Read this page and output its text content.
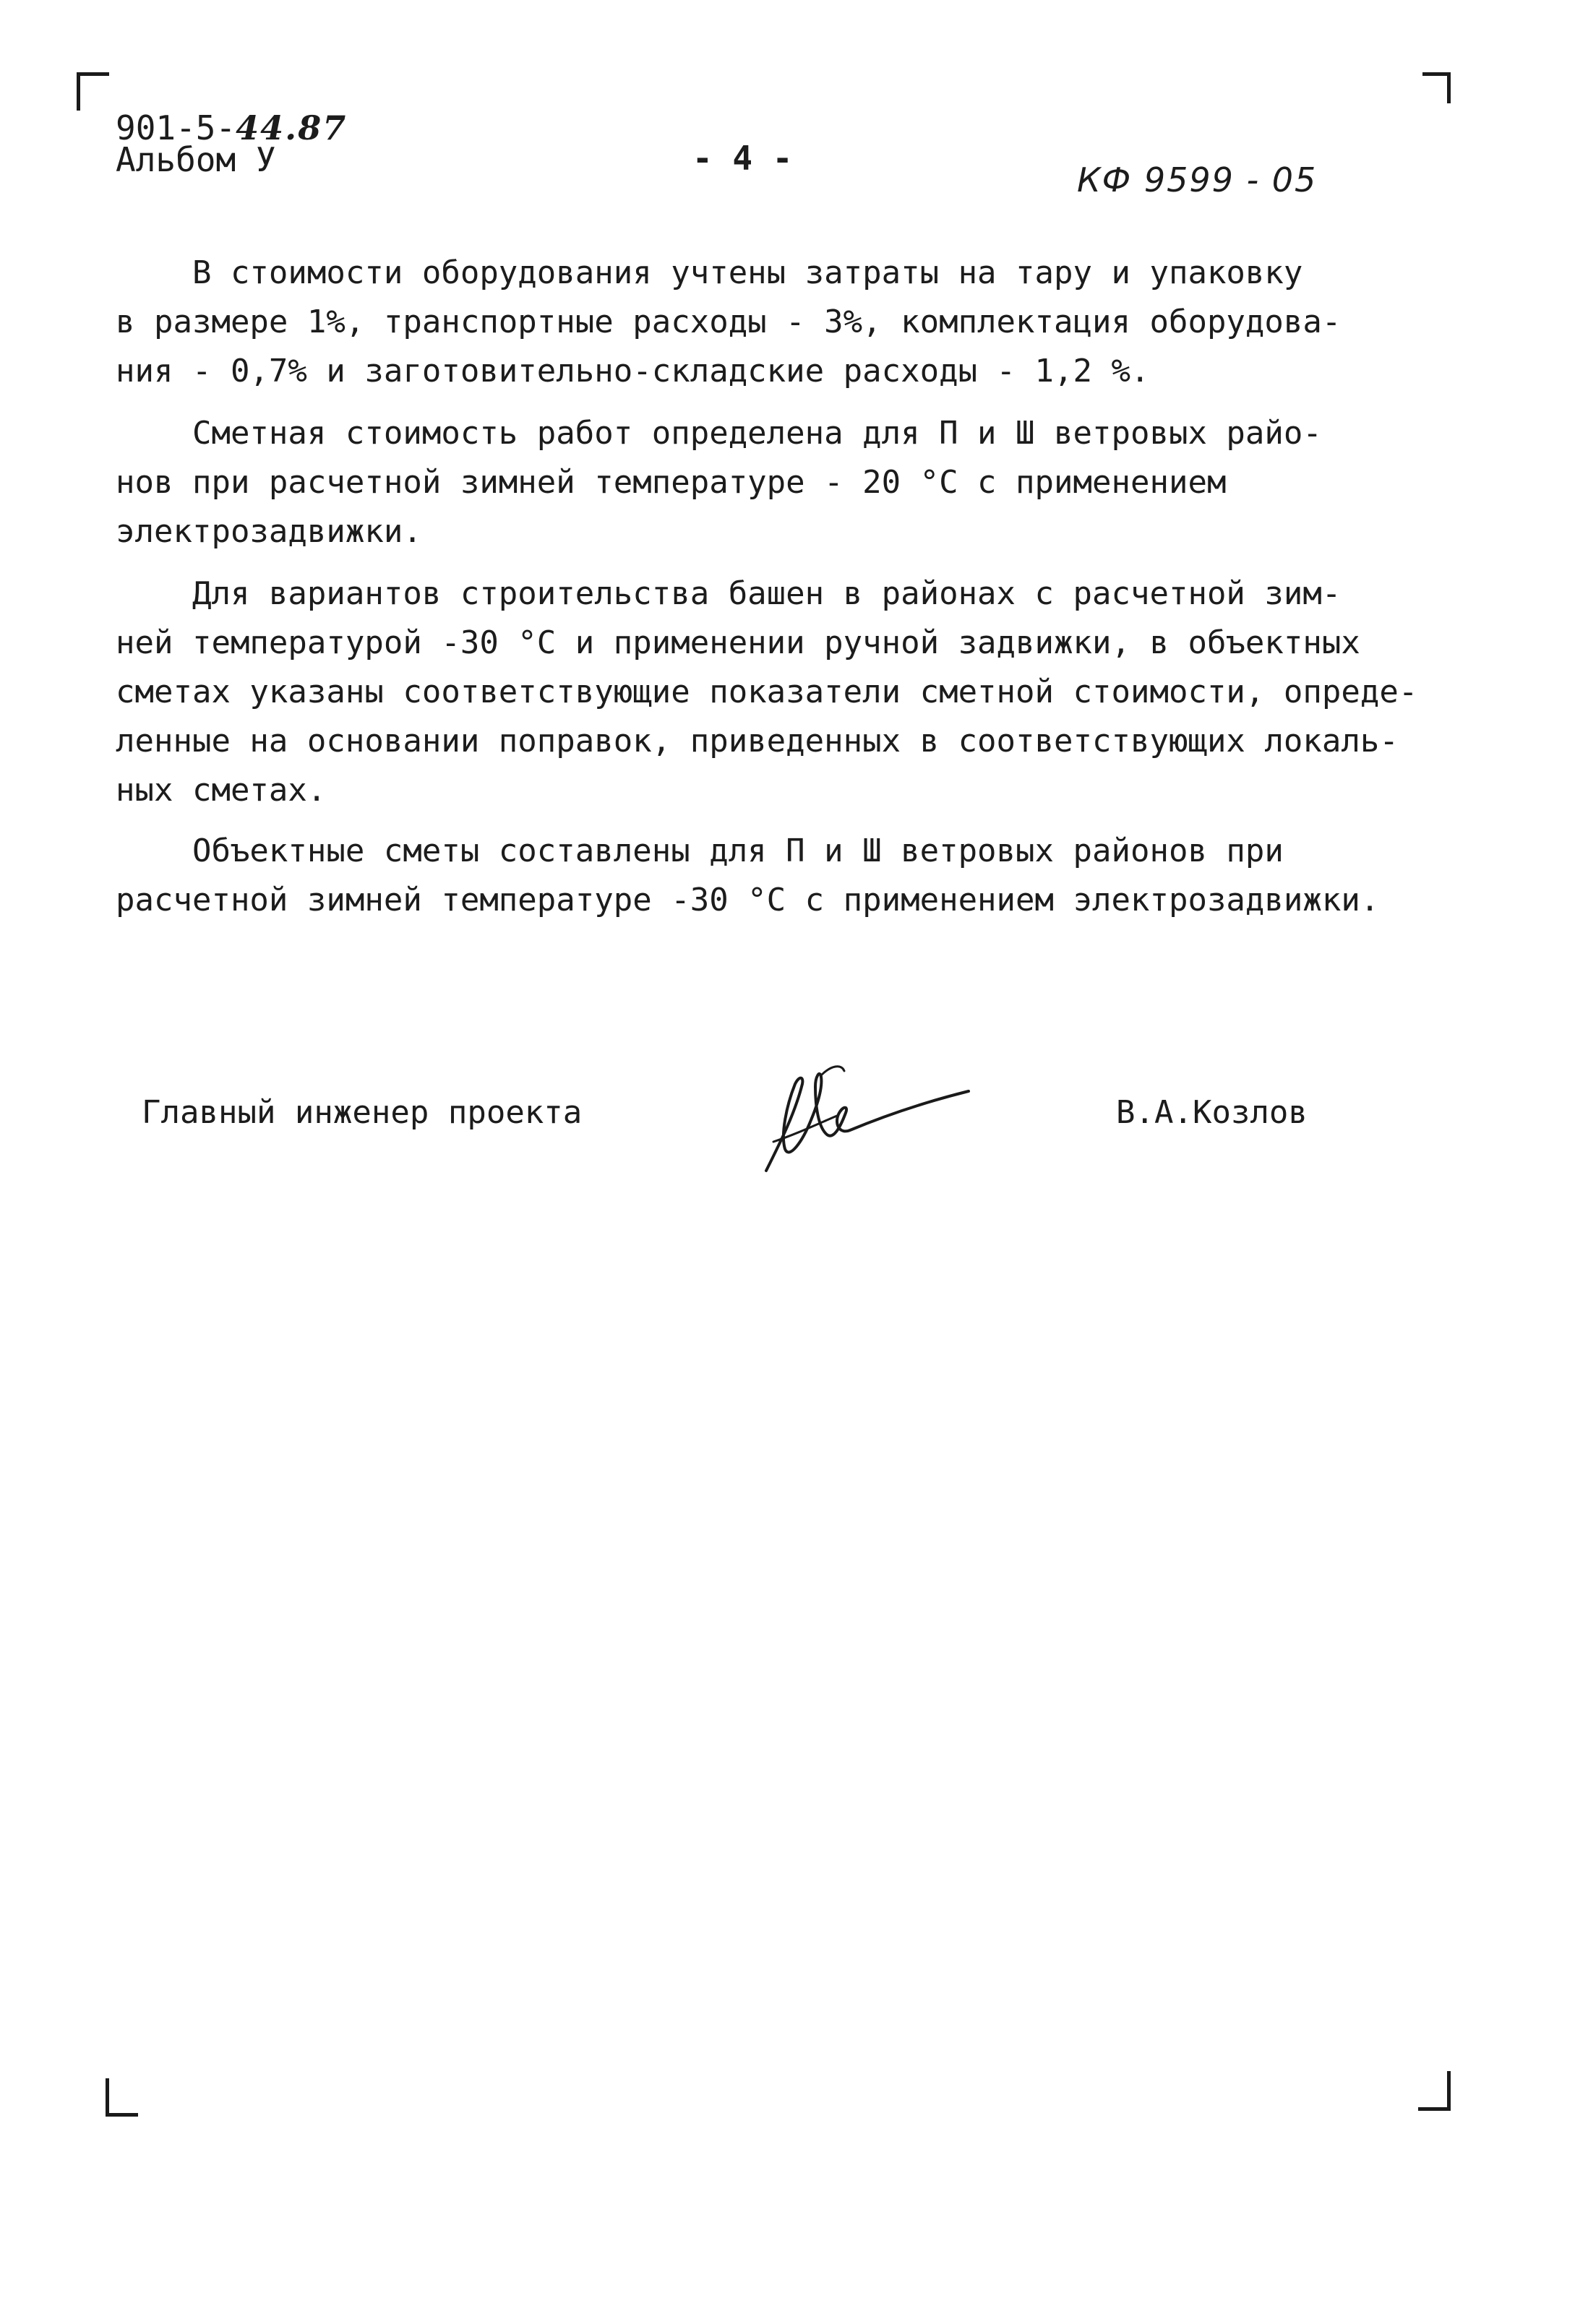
901-5-44.87
Альбом У	- 4 -
КФ 9599 - 05
В стоимости оборудования учтены затраты на тару и упаковку
в размере 1%, транспортные расходы - 3%, комплектация оборудова-
ния - 0,7% и заготовительно-складские расходы - 1,2 %.
Сметная стоимость работ определена для П и Ш ветровых райо-
нов при расчетной зимней температуре - 20 °С с применением
электрозадвижки.
Для вариантов строительства башен в районах с расчетной зим-
ней температурой -30 °С и применении ручной задвижки, в объектных
сметах указаны соответствующие показатели сметной стоимости, опреде-
ленные на основании поправок, приведенных в соответствующих локаль-
ных сметах.
Объектные сметы составлены для П и Ш ветровых районов при
расчетной зимней температуре -30 °С с применением электрозадвижки.
Главный инженер проекта	В.А.Козлов
